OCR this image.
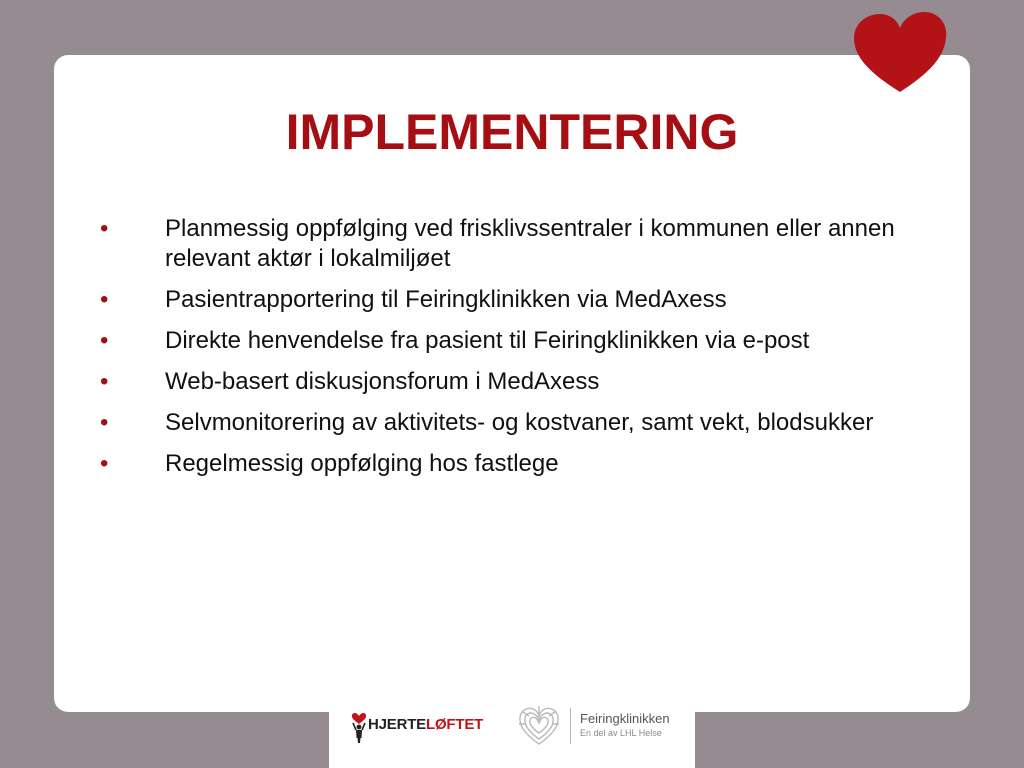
IMPLEMENTERING
• Planmessig oppfølging ved frisklivssentraler i kommunen eller annen relevant aktør i lokalmiljøet
• Pasientrapportering til Feiringklinikken via MedAxess
• Direkte henvendelse fra pasient til Feiringklinikken via e-post
• Web-basert diskusjonsforum i MedAxess
• Selvmonitorering av aktivitets- og kostvaner, samt vekt, blodsukker
• Regelmessig oppfølging hos fastlege
HJERTELØFTET	Feiringklinikken
En del av LHL Helse
